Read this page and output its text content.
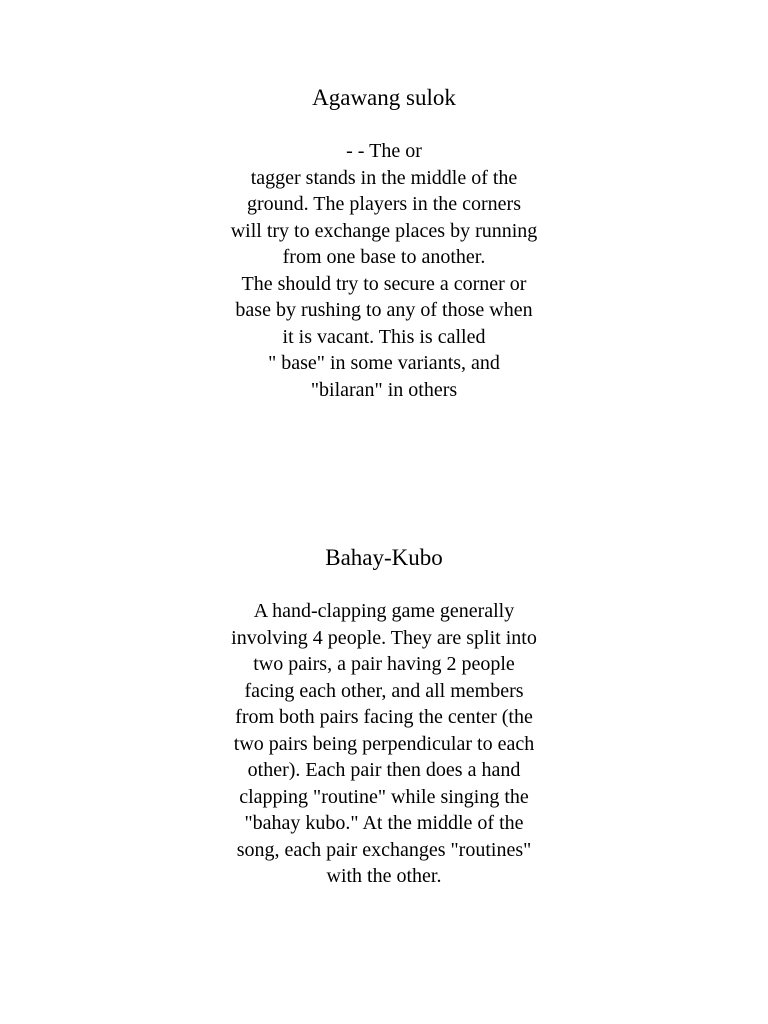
Agawang sulok
- - The or
tagger stands in the middle of the
ground. The players in the corners
will try to exchange places by running
from one base to another.
The should try to secure a corner or
base by rushing to any of those when
it is vacant. This is called
" base" in some variants, and
"bilaran" in others
Bahay-Kubo
A hand-clapping game generally
involving 4 people. They are split into
two pairs, a pair having 2 people
facing each other, and all members
from both pairs facing the center (the
two pairs being perpendicular to each
other). Each pair then does a hand
clapping "routine" while singing the
"bahay kubo." At the middle of the
song, each pair exchanges "routines"
with the other.
